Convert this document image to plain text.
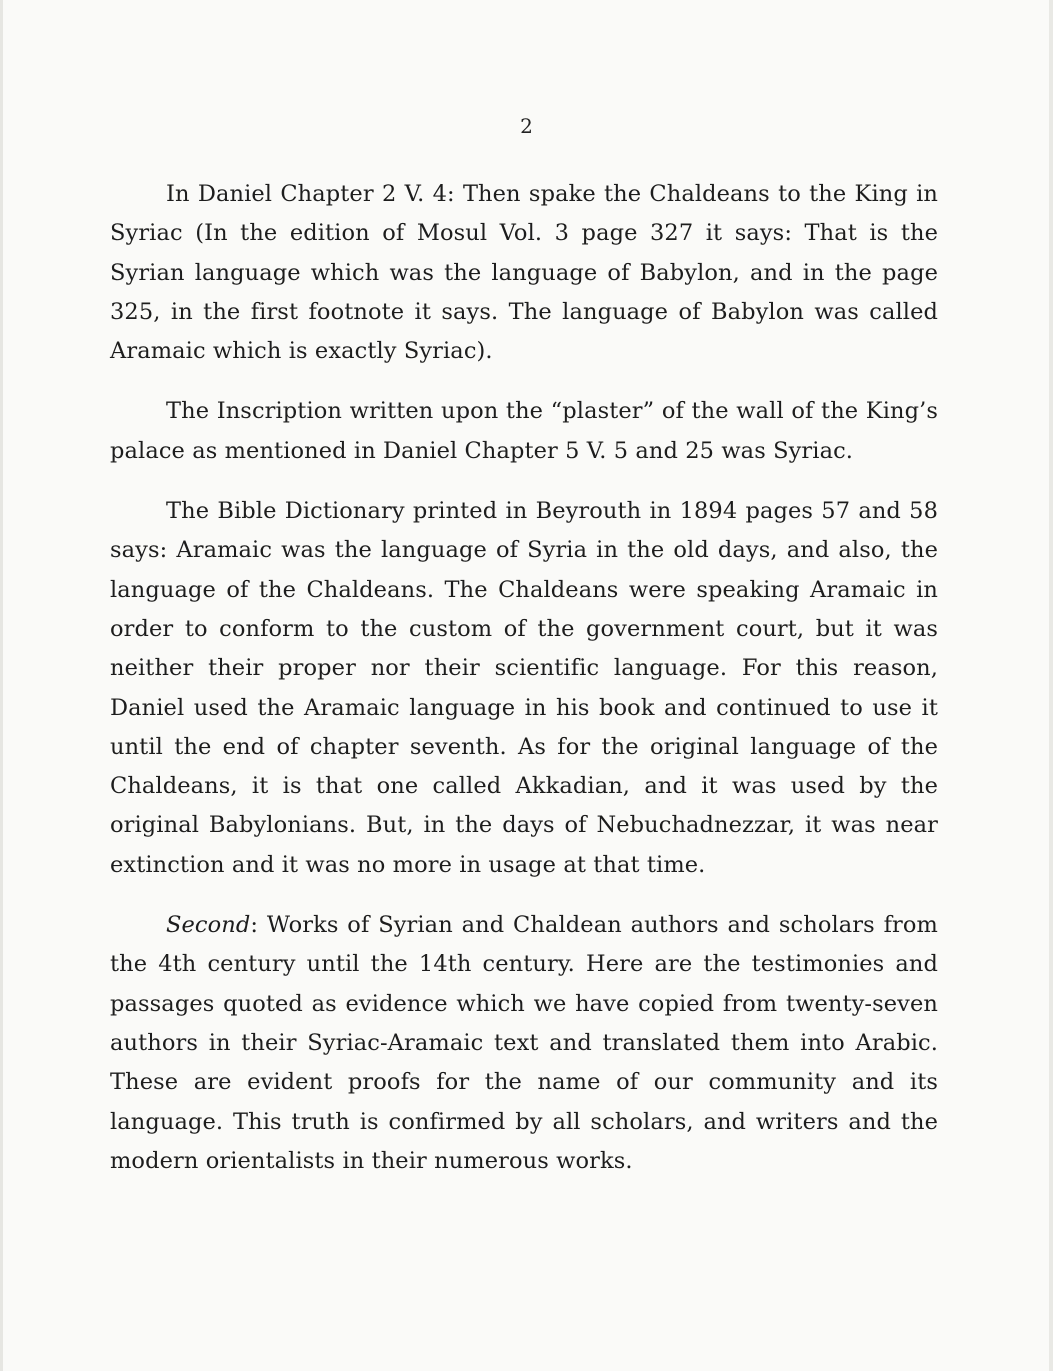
2

In Daniel Chapter 2 V. 4: Then spake the Chaldeans to the King in Syriac (In the edition of Mosul Vol. 3 page 327 it says: That is the Syrian language which was the language of Babylon, and in the page 325, in the first footnote it says. The language of Babylon was called Aramaic which is exactly Syriac).

The Inscription written upon the “plaster” of the wall of the King’s palace as mentioned in Daniel Chapter 5 V. 5 and 25 was Syriac.

The Bible Dictionary printed in Beyrouth in 1894 pages 57 and 58 says: Aramaic was the language of Syria in the old days, and also, the language of the Chaldeans. The Chaldeans were speaking Aramaic in order to conform to the custom of the government court, but it was neither their proper nor their scientific language. For this reason, Daniel used the Aramaic language in his book and continued to use it until the end of chapter seventh. As for the original language of the Chaldeans, it is that one called Akkadian, and it was used by the original Babylonians. But, in the days of Nebuchadnezzar, it was near extinction and it was no more in usage at that time.

Second: Works of Syrian and Chaldean authors and scholars from the 4th century until the 14th century. Here are the testimonies and passages quoted as evidence which we have copied from twenty-seven authors in their Syriac-Aramaic text and translated them into Arabic. These are evident proofs for the name of our community and its language. This truth is confirmed by all scholars, and writers and the modern orientalists in their numerous works.
